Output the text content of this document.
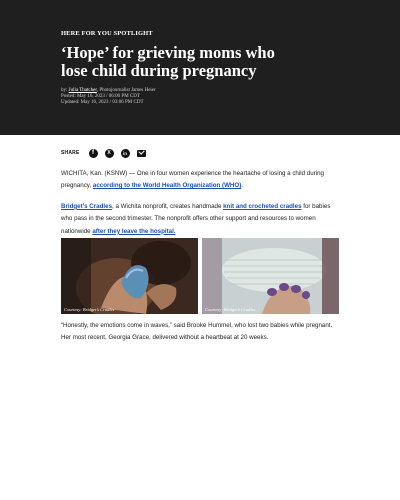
HERE FOR YOU SPOTLIGHT
‘Hope’ for grieving moms who lose child during pregnancy
by: Julia Thatcher, Photojournalist James Heier
Posted: May 16, 2023 / 06:00 PM CDT
Updated: May 16, 2023 / 03:06 PM CDT
SHARE	f	X	in

WICHITA, Kan. (KSNW) — One in four women experience the heartache of losing a child during pregnancy, according to the World Health Organization (WHO).

Bridget’s Cradles, a Wichita nonprofit, creates handmade knit and crocheted cradles for babies who pass in the second trimester. The nonprofit offers other support and resources to women nationwide after they leave the hospital.

Courtesy: Bridget’s Cradles	Courtesy: Bridget’s Cradles

“Honestly, the emotions come in waves,” said Brooke Hummel, who lost two babies while pregnant. Her most recent, Georgia Grace, delivered without a heartbeat at 20 weeks.
